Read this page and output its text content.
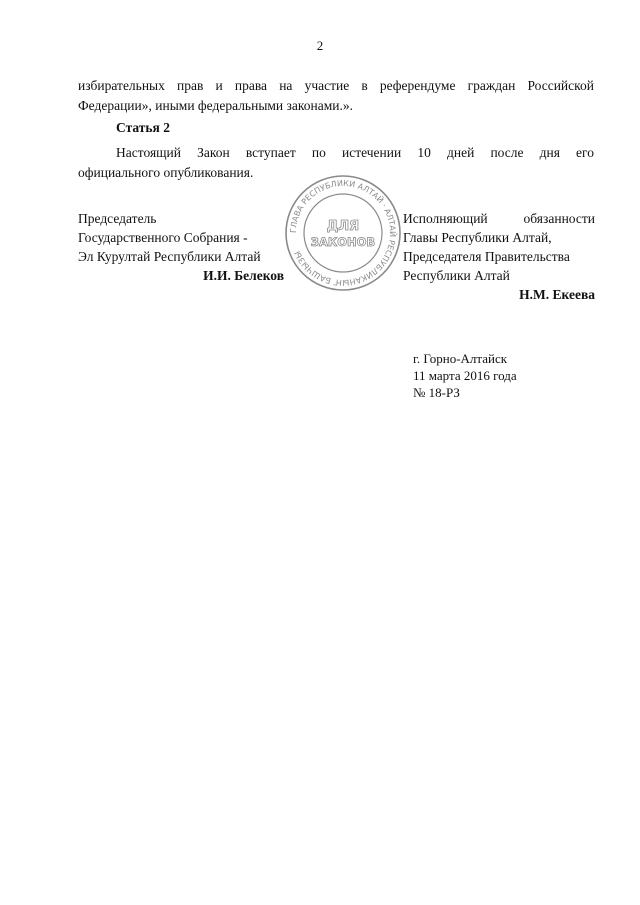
2
избирательных прав и права на участие в референдуме граждан Российской
Федерации», иными федеральными законами.».
Статья 2
Настоящий Закон вступает по истечении 10 дней после дня его
официального опубликования.
Председатель
Государственного Собрания -
Эл Курултай Республики Алтай
И.И. Белеков
ГЛАВА РЕСПУБЛИКИ АЛТАЙ · АЛТАЙ РЕСПУБЛИКАНЫҤ БАШЧЫЗЫ
ДЛЯ
ЗАКОНОВ
Исполняющий обязанности
Главы Республики Алтай,
Председателя Правительства
Республики Алтай
Н.М. Екеева
г. Горно-Алтайск
11 марта 2016 года
№ 18-РЗ
